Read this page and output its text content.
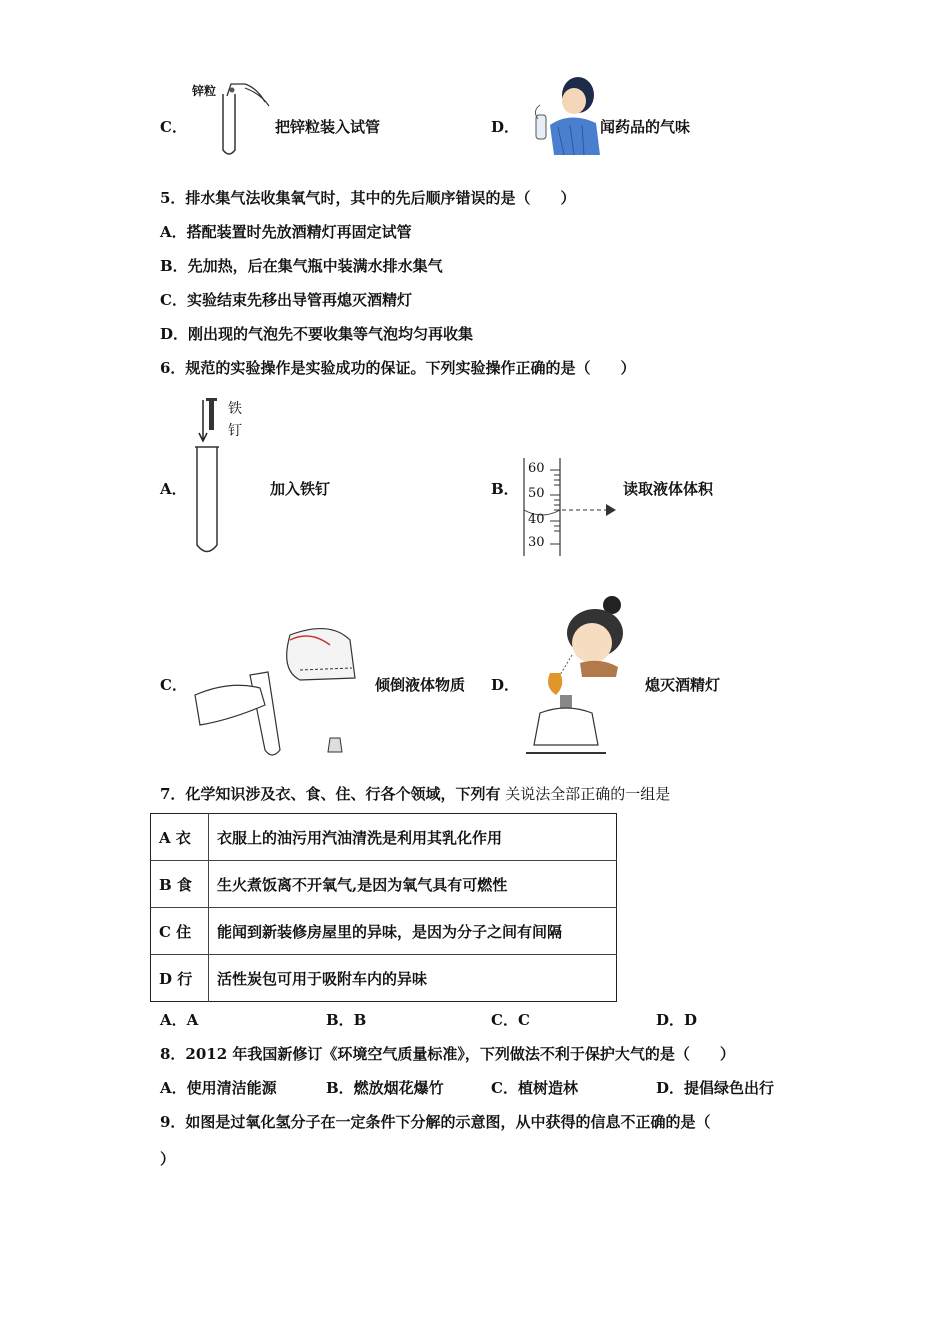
C．
锌粒
把锌粒装入试管	D．	闻药品的气味
5．排水集气法收集氧气时，其中的先后顺序错误的是（　　）
A．搭配装置时先放酒精灯再固定试管
B．先加热，后在集气瓶中装满水排水集气
C．实验结束先移出导管再熄灭酒精灯
D．刚出现的气泡先不要收集等气泡均匀再收集
6．规范的实验操作是实验成功的保证。下列实验操作正确的是（　　）
A．
铁
钉
加入铁钉	B．
60
50
40
30
读取液体体积
C．	倾倒液体物质 D．	熄灭酒精灯
7．化学知识涉及衣、食、住、行各个领域，下列有 关说法全部正确的一组是
A 衣	衣服上的油污用汽油清洗是利用其乳化作用
B 食	生火煮饭离不开氧气,是因为氧气具有可燃性
C 住	能闻到新装修房屋里的异味，是因为分子之间有间隔
D 行	活性炭包可用于吸附车内的异味
A．A	B．B	C．C	D．D
8．2012 年我国新修订《环境空气质量标准》，下列做法不利于保护大气的是（　　）
A．使用清洁能源	B．燃放烟花爆竹	C．植树造林	D．提倡绿色出行
9．如图是过氧化氢分子在一定条件下分解的示意图，从中获得的信息不正确的是（
）
